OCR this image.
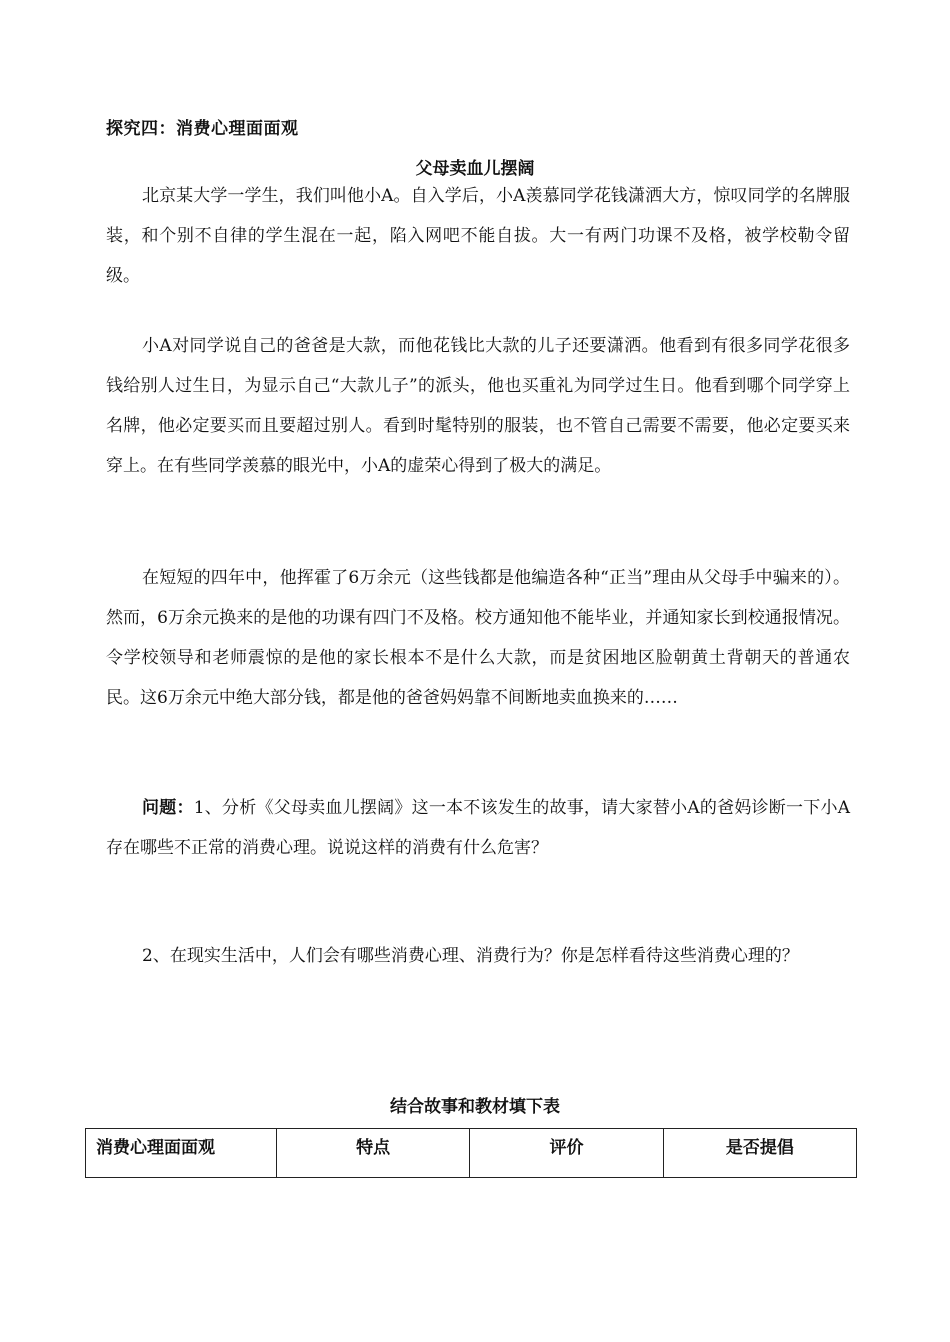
探究四：消费心理面面观
父母卖血儿摆阔

北京某大学一学生，我们叫他小A。自入学后，小A羡慕同学花钱潇洒大方，惊叹同学的名牌服装，和个别不自律的学生混在一起，陷入网吧不能自拔。大一有两门功课不及格，被学校勒令留级。

小A对同学说自己的爸爸是大款，而他花钱比大款的儿子还要潇洒。他看到有很多同学花很多钱给别人过生日，为显示自己“大款儿子”的派头，他也买重礼为同学过生日。他看到哪个同学穿上名牌，他必定要买而且要超过别人。看到时髦特别的服装，也不管自己需要不需要，他必定要买来穿上。在有些同学羡慕的眼光中，小A的虚荣心得到了极大的满足。

在短短的四年中，他挥霍了6万余元（这些钱都是他编造各种“正当”理由从父母手中骗来的）。然而，6万余元换来的是他的功课有四门不及格。校方通知他不能毕业，并通知家长到校通报情况。令学校领导和老师震惊的是他的家长根本不是什么大款，而是贫困地区脸朝黄土背朝天的普通农民。这6万余元中绝大部分钱，都是他的爸爸妈妈靠不间断地卖血换来的……

问题：1、分析《父母卖血儿摆阔》这一本不该发生的故事，请大家替小A的爸妈诊断一下小A存在哪些不正常的消费心理。说说这样的消费有什么危害？

2、在现实生活中，人们会有哪些消费心理、消费行为？你是怎样看待这些消费心理的？

结合故事和教材填下表
消费心理面面观	特点	评价	是否提倡
